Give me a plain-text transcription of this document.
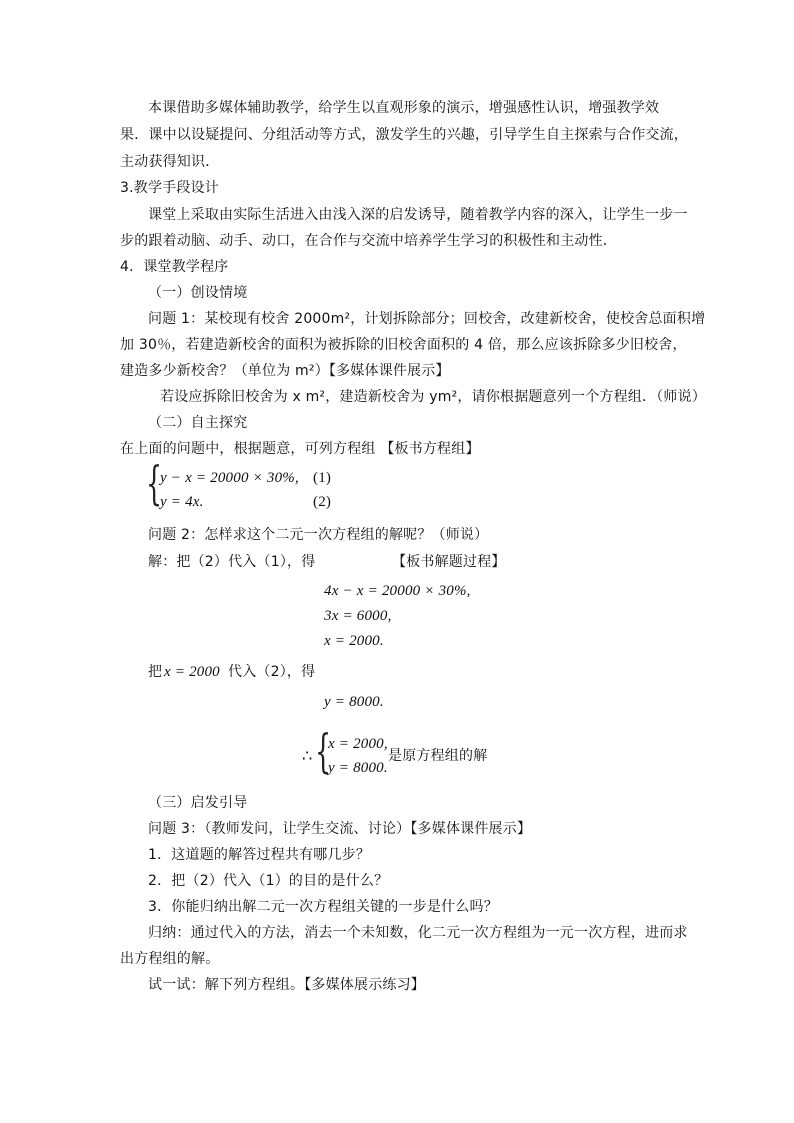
本课借助多媒体辅助教学，给学生以直观形象的演示，增强感性认识，增强教学效
果．课中以设疑提问、分组活动等方式，激发学生的兴趣，引导学生自主探索与合作交流，
主动获得知识．
3.教学手段设计
课堂上采取由实际生活进入由浅入深的启发诱导，随着教学内容的深入，让学生一步一
步的跟着动脑、动手、动口，在合作与交流中培养学生学习的积极性和主动性．
4．课堂教学程序
（一）创设情境
问题 1：某校现有校舍 2000m²，计划拆除部分；回校舍，改建新校舍，使校舍总面积增
加 30％，若建造新校舍的面积为被拆除的旧校舍面积的 4 倍，那么应该拆除多少旧校舍，
建造多少新校舍？（单位为 m²）【多媒体课件展示】
若设应拆除旧校舍为 x m²，建造新校舍为 ym²，请你根据题意列一个方程组．（师说）
（二）自主探究
在上面的问题中，根据题意，可列方程组 【板书方程组】
{
y − x = 20000 × 30%, (1)
y = 4x.	(2)
问题 2：怎样求这个二元一次方程组的解呢？（师说）
解：把（2）代入（1），得	【板书解题过程】
4x − x = 20000 × 30%,
3x = 6000,
x = 2000.
把 x = 2000 代入（2），得
y = 8000.
∴ {
x = 2000,
y = 8000.
是原方程组的解
（三）启发引导
问题 3：（教师发问，让学生交流、讨论）【多媒体课件展示】
1．这道题的解答过程共有哪几步？
2．把（2）代入（1）的目的是什么？
3．你能归纳出解二元一次方程组关键的一步是什么吗？
归纳：通过代入的方法，消去一个未知数，化二元一次方程组为一元一次方程，进而求
出方程组的解。
试一试：解下列方程组。【多媒体展示练习】
